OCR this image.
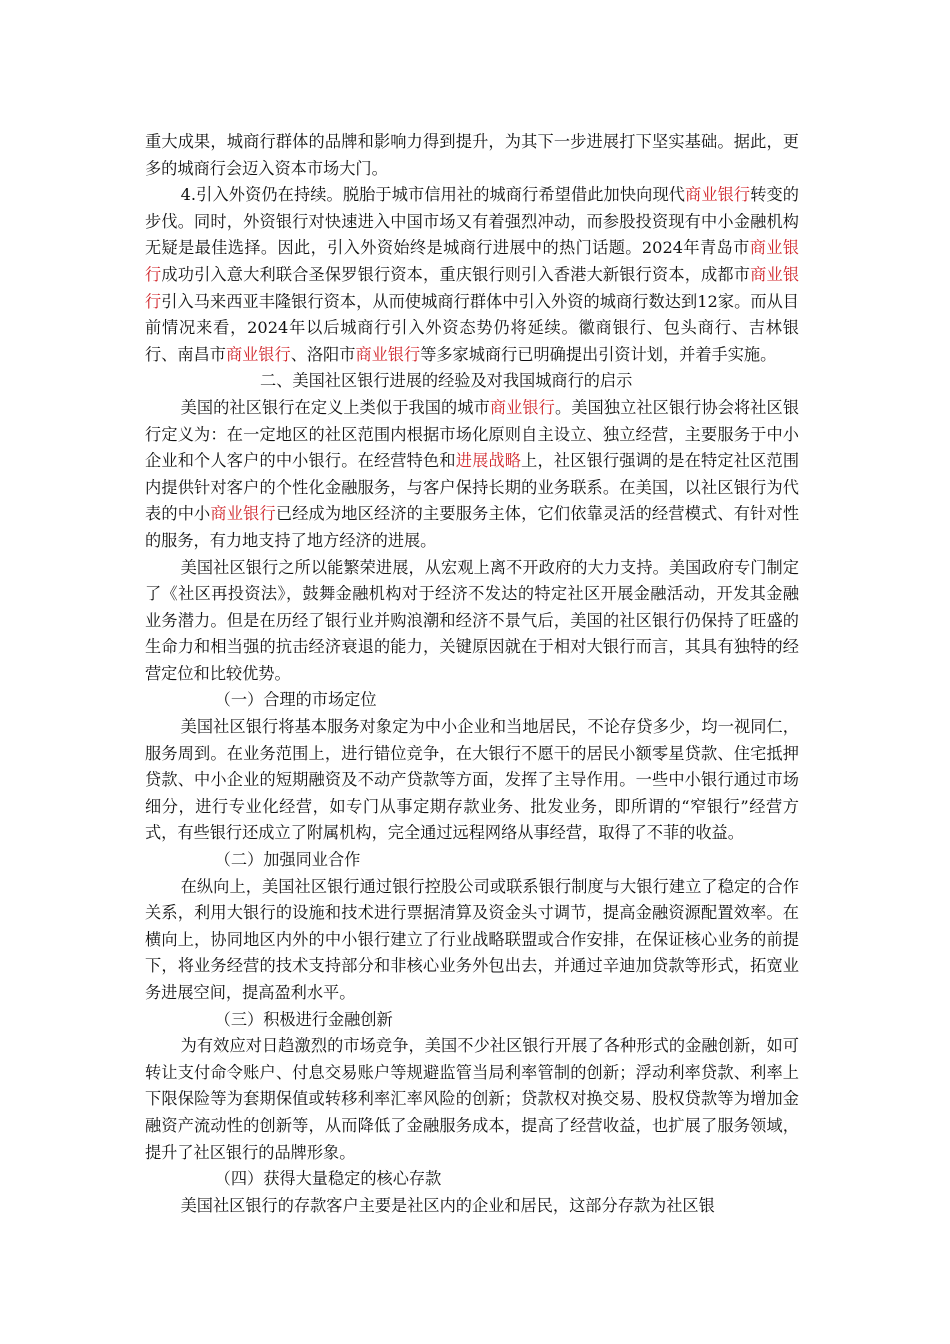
重大成果，城商行群体的品牌和影响力得到提升，为其下一步进展打下坚实基础。据此，更多的城商行会迈入资本市场大门。

4.引入外资仍在持续。脱胎于城市信用社的城商行希望借此加快向现代商业银行转变的步伐。同时，外资银行对快速进入中国市场又有着强烈冲动，而参股投资现有中小金融机构无疑是最佳选择。因此，引入外资始终是城商行进展中的热门话题。2024年青岛市商业银行成功引入意大利联合圣保罗银行资本，重庆银行则引入香港大新银行资本，成都市商业银行引入马来西亚丰隆银行资本，从而使城商行群体中引入外资的城商行数达到12家。而从目前情况来看，2024年以后城商行引入外资态势仍将延续。徽商银行、包头商行、吉林银行、南昌市商业银行、洛阳市商业银行等多家城商行已明确提出引资计划，并着手实施。

二、美国社区银行进展的经验及对我国城商行的启示

美国的社区银行在定义上类似于我国的城市商业银行。美国独立社区银行协会将社区银行定义为：在一定地区的社区范围内根据市场化原则自主设立、独立经营，主要服务于中小企业和个人客户的中小银行。在经营特色和进展战略上，社区银行强调的是在特定社区范围内提供针对客户的个性化金融服务，与客户保持长期的业务联系。在美国，以社区银行为代表的中小商业银行已经成为地区经济的主要服务主体，它们依靠灵活的经营模式、有针对性的服务，有力地支持了地方经济的进展。

美国社区银行之所以能繁荣进展，从宏观上离不开政府的大力支持。美国政府专门制定了《社区再投资法》，鼓舞金融机构对于经济不发达的特定社区开展金融活动，开发其金融业务潜力。但是在历经了银行业并购浪潮和经济不景气后，美国的社区银行仍保持了旺盛的生命力和相当强的抗击经济衰退的能力，关键原因就在于相对大银行而言，其具有独特的经营定位和比较优势。

（一）合理的市场定位

美国社区银行将基本服务对象定为中小企业和当地居民，不论存贷多少，均一视同仁，服务周到。在业务范围上，进行错位竞争，在大银行不愿干的居民小额零星贷款、住宅抵押贷款、中小企业的短期融资及不动产贷款等方面，发挥了主导作用。一些中小银行通过市场细分，进行专业化经营，如专门从事定期存款业务、批发业务，即所谓的“窄银行”经营方式，有些银行还成立了附属机构，完全通过远程网络从事经营，取得了不菲的收益。

（二）加强同业合作

在纵向上，美国社区银行通过银行控股公司或联系银行制度与大银行建立了稳定的合作关系，利用大银行的设施和技术进行票据清算及资金头寸调节，提高金融资源配置效率。在横向上，协同地区内外的中小银行建立了行业战略联盟或合作安排，在保证核心业务的前提下，将业务经营的技术支持部分和非核心业务外包出去，并通过辛迪加贷款等形式，拓宽业务进展空间，提高盈利水平。

（三）积极进行金融创新

为有效应对日趋激烈的市场竞争，美国不少社区银行开展了各种形式的金融创新，如可转让支付命令账户、付息交易账户等规避监管当局利率管制的创新；浮动利率贷款、利率上下限保险等为套期保值或转移利率汇率风险的创新；贷款权对换交易、股权贷款等为增加金融资产流动性的创新等，从而降低了金融服务成本，提高了经营收益，也扩展了服务领域，提升了社区银行的品牌形象。

（四）获得大量稳定的核心存款

美国社区银行的存款客户主要是社区内的企业和居民，这部分存款为社区银
